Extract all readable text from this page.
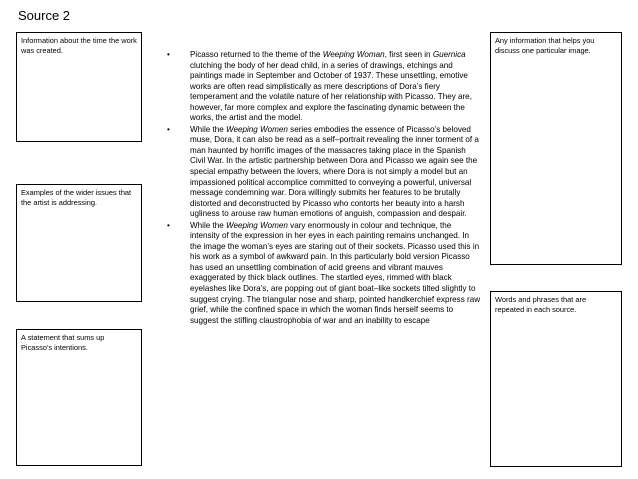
Source 2
Information about the time the work was created.
Examples of the wider issues that the artist is addressing.
A statement that sums up Picasso’s intentions.
Any information that helps you discuss one particular image.
Words and phrases that are repeated in each source.
• Picasso returned to the theme of the Weeping Woman, first seen in Guernica clutching the body of her dead child, in a series of drawings, etchings and paintings made in September and October of 1937. These unsettling, emotive works are often read simplistically as mere descriptions of Dora’s fiery temperament and the volatile nature of her relationship with Picasso. They are, however, far more complex and explore the fascinating dynamic between the works, the artist and the model.
• While the Weeping Women series embodies the essence of Picasso’s beloved muse, Dora, it can also be read as a self–portrait revealing the inner torment of a man haunted by horrific images of the massacres taking place in the Spanish Civil War. In the artistic partnership between Dora and Picasso we again see the special empathy between the lovers, where Dora is not simply a model but an impassioned political accomplice committed to conveying a powerful, universal message condemning war. Dora willingly submits her features to be brutally distorted and deconstructed by Picasso who contorts her beauty into a harsh ugliness to arouse raw human emotions of anguish, compassion and despair.
• While the Weeping Women vary enormously in colour and technique, the intensity of the expression in her eyes in each painting remains unchanged. In the image the woman’s eyes are staring out of their sockets. Picasso used this in his work as a symbol of awkward pain. In this particularly bold version Picasso has used an unsettling combination of acid greens and vibrant mauves exaggerated by thick black outlines. The startled eyes, rimmed with black eyelashes like Dora’s, are popping out of giant boat–like sockets tilted slightly to suggest crying. The triangular nose and sharp, pointed handkerchief express raw grief, while the confined space in which the woman finds herself seems to suggest the stifling claustrophobia of war and an inability to escape
